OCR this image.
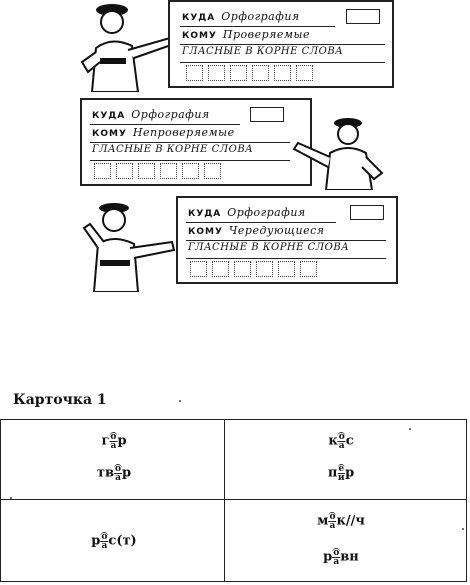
КУДА Орфография
КОМУ Проверяемые
ГЛАСНЫЕ В КОРНЕ СЛОВА
КУДА Орфография
КОМУ Непроверяемые
ГЛАСНЫЕ В КОРНЕ СЛОВА
КУДА Орфография
КОМУ Чередующиеся
ГЛАСНЫЕ В КОРНЕ СЛОВА
Карточка 1
г о
а р
тв о
а р
к о
а с
п е
и р
р о
а с(т)
м о
а к//ч
р о
а вн
